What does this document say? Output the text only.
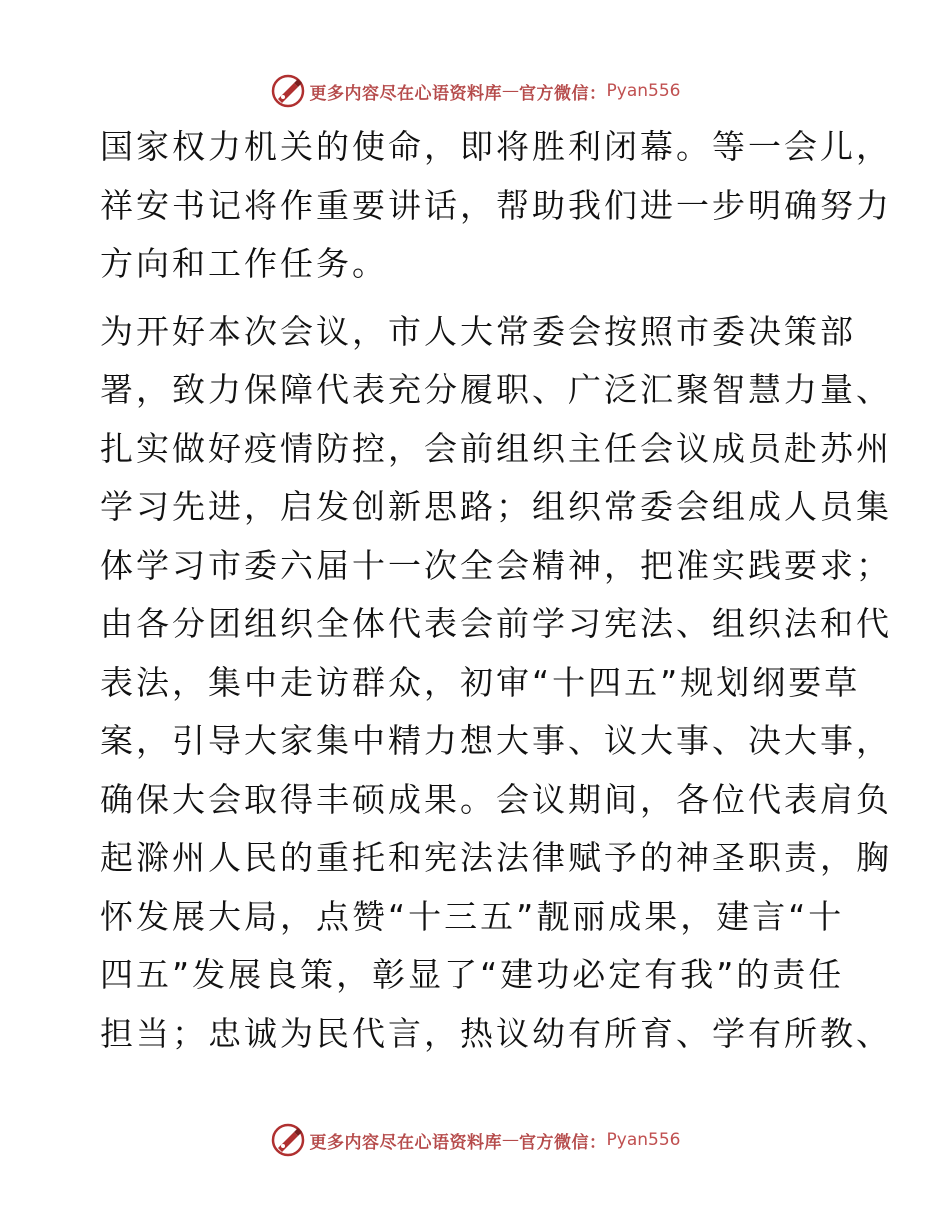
更多内容尽在心语资料库 — 官方微信： Pyan556
国家权力机关的使命，即将胜利闭幕。等一会儿，
祥安书记将作重要讲话，帮助我们进一步明确努力
方向和工作任务。
为开好本次会议，市人大常委会按照市委决策部
署，致力保障代表充分履职、广泛汇聚智慧力量、
扎实做好疫情防控，会前组织主任会议成员赴苏州
学习先进，启发创新思路；组织常委会组成人员集
体学习市委六届十一次全会精神，把准实践要求；
由各分团组织全体代表会前学习宪法、组织法和代
表法，集中走访群众，初审“十四五”规划纲要草
案，引导大家集中精力想大事、议大事、决大事，
确保大会取得丰硕成果。会议期间，各位代表肩负
起滁州人民的重托和宪法法律赋予的神圣职责，胸
怀发展大局，点赞“十三五”靓丽成果，建言“十
四五”发展良策，彰显了“建功必定有我”的责任
担当；忠诚为民代言，热议幼有所育、学有所教、
更多内容尽在心语资料库 — 官方微信： Pyan556
